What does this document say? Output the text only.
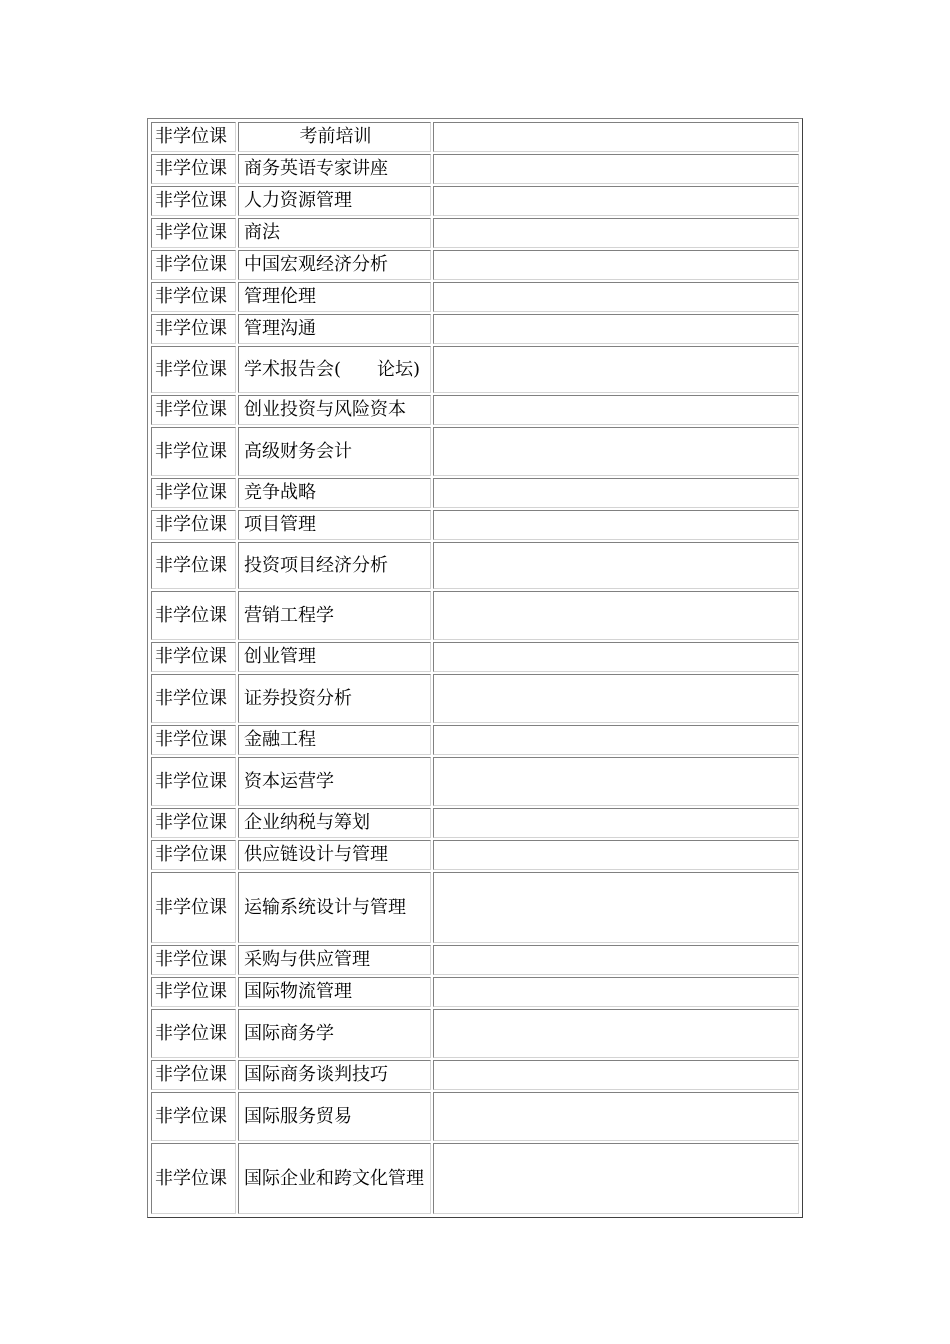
非学位课	考前培训	
非学位课	商务英语专家讲座	
非学位课	人力资源管理	
非学位课	商法	
非学位课	中国宏观经济分析	
非学位课	管理伦理	
非学位课	管理沟通	
非学位课	学术报告会(　　论坛)	
非学位课	创业投资与风险资本	
非学位课	高级财务会计	
非学位课	竞争战略	
非学位课	项目管理	
非学位课	投资项目经济分析	
非学位课	营销工程学	
非学位课	创业管理	
非学位课	证券投资分析	
非学位课	金融工程	
非学位课	资本运营学	
非学位课	企业纳税与筹划	
非学位课	供应链设计与管理	
非学位课	运输系统设计与管理	
非学位课	采购与供应管理	
非学位课	国际物流管理	
非学位课	国际商务学	
非学位课	国际商务谈判技巧	
非学位课	国际服务贸易	
非学位课	国际企业和跨文化管理	
